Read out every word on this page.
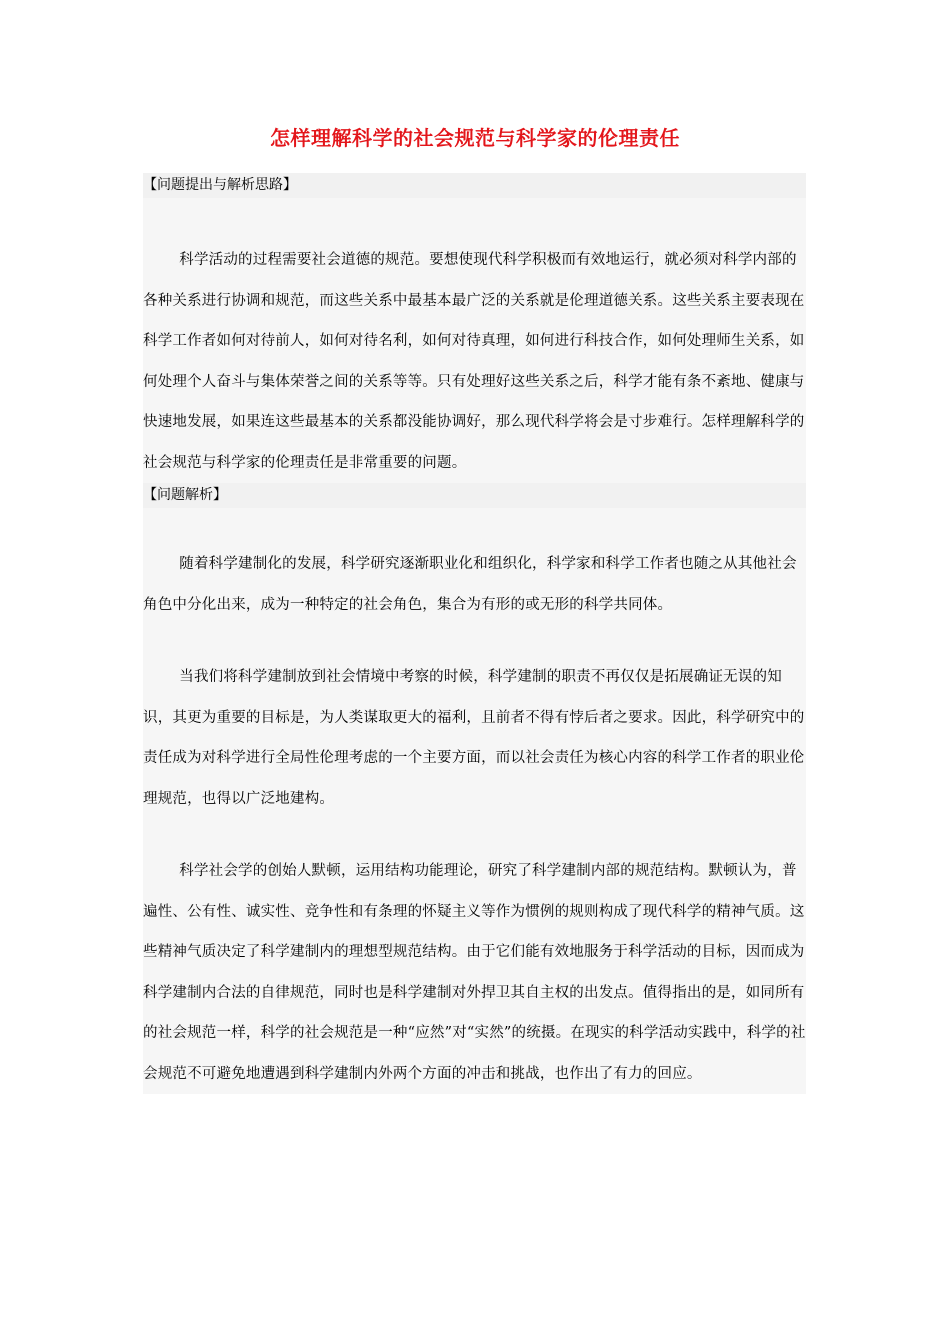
怎样理解科学的社会规范与科学家的伦理责任
【问题提出与解析思路】

科学活动的过程需要社会道德的规范。要想使现代科学积极而有效地运行，就必须对科学内部的各种关系进行协调和规范，而这些关系中最基本最广泛的关系就是伦理道德关系。这些关系主要表现在科学工作者如何对待前人，如何对待名利，如何对待真理，如何进行科技合作，如何处理师生关系，如何处理个人奋斗与集体荣誉之间的关系等等。只有处理好这些关系之后，科学才能有条不紊地、健康与快速地发展，如果连这些最基本的关系都没能协调好，那么现代科学将会是寸步难行。怎样理解科学的社会规范与科学家的伦理责任是非常重要的问题。

【问题解析】

随着科学建制化的发展，科学研究逐渐职业化和组织化，科学家和科学工作者也随之从其他社会角色中分化出来，成为一种特定的社会角色，集合为有形的或无形的科学共同体。

当我们将科学建制放到社会情境中考察的时候，科学建制的职责不再仅仅是拓展确证无误的知识，其更为重要的目标是，为人类谋取更大的福利，且前者不得有悖后者之要求。因此，科学研究中的责任成为对科学进行全局性伦理考虑的一个主要方面，而以社会责任为核心内容的科学工作者的职业伦理规范，也得以广泛地建构。

科学社会学的创始人默顿，运用结构功能理论，研究了科学建制内部的规范结构。默顿认为，普遍性、公有性、诚实性、竞争性和有条理的怀疑主义等作为惯例的规则构成了现代科学的精神气质。这些精神气质决定了科学建制内的理想型规范结构。由于它们能有效地服务于科学活动的目标，因而成为科学建制内合法的自律规范，同时也是科学建制对外捍卫其自主权的出发点。值得指出的是，如同所有的社会规范一样，科学的社会规范是一种“应然”对“实然”的统摄。在现实的科学活动实践中，科学的社会规范不可避免地遭遇到科学建制内外两个方面的冲击和挑战，也作出了有力的回应。
